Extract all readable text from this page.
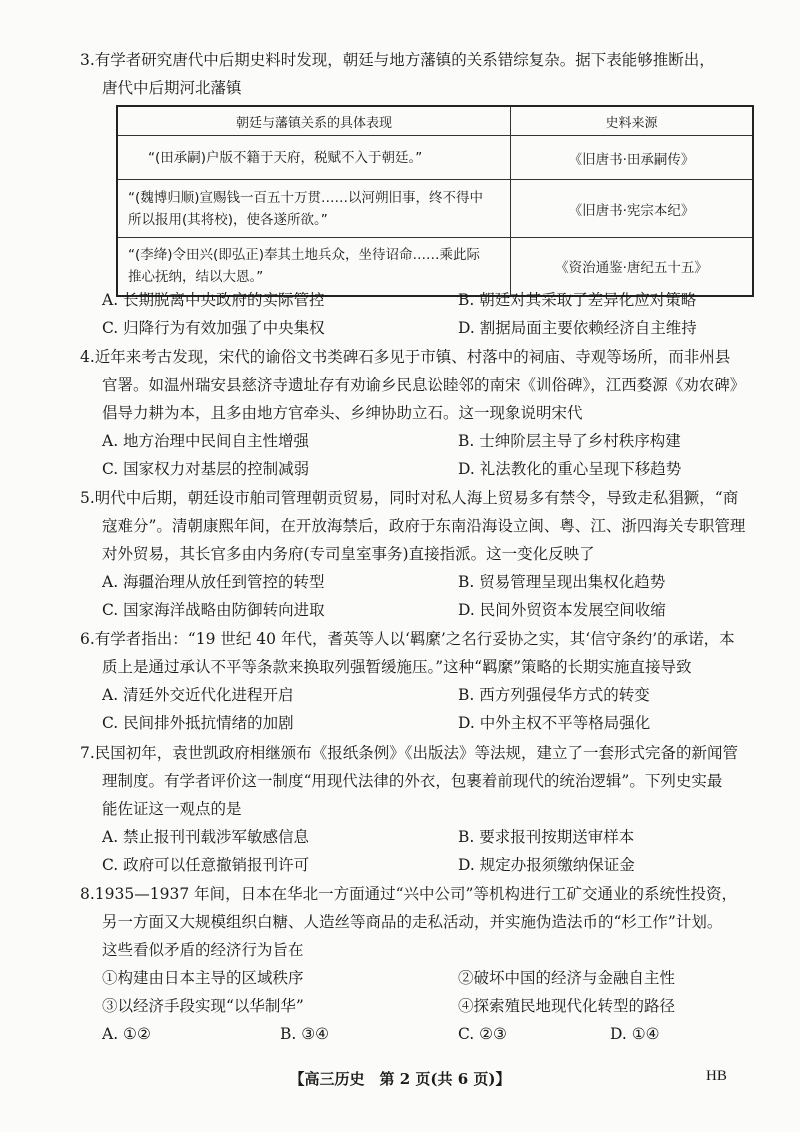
3.有学者研究唐代中后期史料时发现，朝廷与地方藩镇的关系错综复杂。据下表能够推断出，
唐代中后期河北藩镇
朝廷与藩镇关系的具体表现	史料来源

“(田承嗣)户版不籍于天府，税赋不入于朝廷。”	《旧唐书·田承嗣传》

“(魏博归顺)宣赐钱一百五十万贯……以河朔旧事，终不得中
所以报用(其将校)，使各遂所欲。”	《旧唐书·宪宗本纪》

“(李绛)令田兴(即弘正)奉其土地兵众，坐待诏命……乘此际
推心抚纳，结以大恩。”	《资治通鉴·唐纪五十五》
A. 长期脱离中央政府的实际管控	B. 朝廷对其采取了差异化应对策略
C. 归降行为有效加强了中央集权	D. 割据局面主要依赖经济自主维持
4.近年来考古发现，宋代的谕俗文书类碑石多见于市镇、村落中的祠庙、寺观等场所，而非州县
官署。如温州瑞安县慈济寺遗址存有劝谕乡民息讼睦邻的南宋《训俗碑》，江西婺源《劝农碑》
倡导力耕为本，且多由地方官牵头、乡绅协助立石。这一现象说明宋代
A. 地方治理中民间自主性增强	B. 士绅阶层主导了乡村秩序构建
C. 国家权力对基层的控制减弱	D. 礼法教化的重心呈现下移趋势
5.明代中后期，朝廷设市舶司管理朝贡贸易，同时对私人海上贸易多有禁令，导致走私猖獗，“商
寇难分”。清朝康熙年间，在开放海禁后，政府于东南沿海设立闽、粤、江、浙四海关专职管理
对外贸易，其长官多由内务府(专司皇室事务)直接指派。这一变化反映了
A. 海疆治理从放任到管控的转型	B. 贸易管理呈现出集权化趋势
C. 国家海洋战略由防御转向进取	D. 民间外贸资本发展空间收缩
6.有学者指出：“19 世纪 40 年代，耆英等人以‘羁縻’之名行妥协之实，其‘信守条约’的承诺，本
质上是通过承认不平等条款来换取列强暂缓施压。”这种“羁縻”策略的长期实施直接导致
A. 清廷外交近代化进程开启	B. 西方列强侵华方式的转变
C. 民间排外抵抗情绪的加剧	D. 中外主权不平等格局强化
7.民国初年，袁世凯政府相继颁布《报纸条例》《出版法》等法规，建立了一套形式完备的新闻管
理制度。有学者评价这一制度“用现代法律的外衣，包裹着前现代的统治逻辑”。下列史实最
能佐证这一观点的是
A. 禁止报刊刊载涉军敏感信息	B. 要求报刊按期送审样本
C. 政府可以任意撤销报刊许可	D. 规定办报须缴纳保证金
8.1935—1937 年间，日本在华北一方面通过“兴中公司”等机构进行工矿交通业的系统性投资，
另一方面又大规模组织白糖、人造丝等商品的走私活动，并实施伪造法币的“杉工作”计划。
这些看似矛盾的经济行为旨在
①构建由日本主导的区域秩序	②破坏中国的经济与金融自主性
③以经济手段实现“以华制华”	④探索殖民地现代化转型的路径
A. ①②	B. ③④	C. ②③	D. ①④
【高三历史　第 2 页(共 6 页)】	HB
